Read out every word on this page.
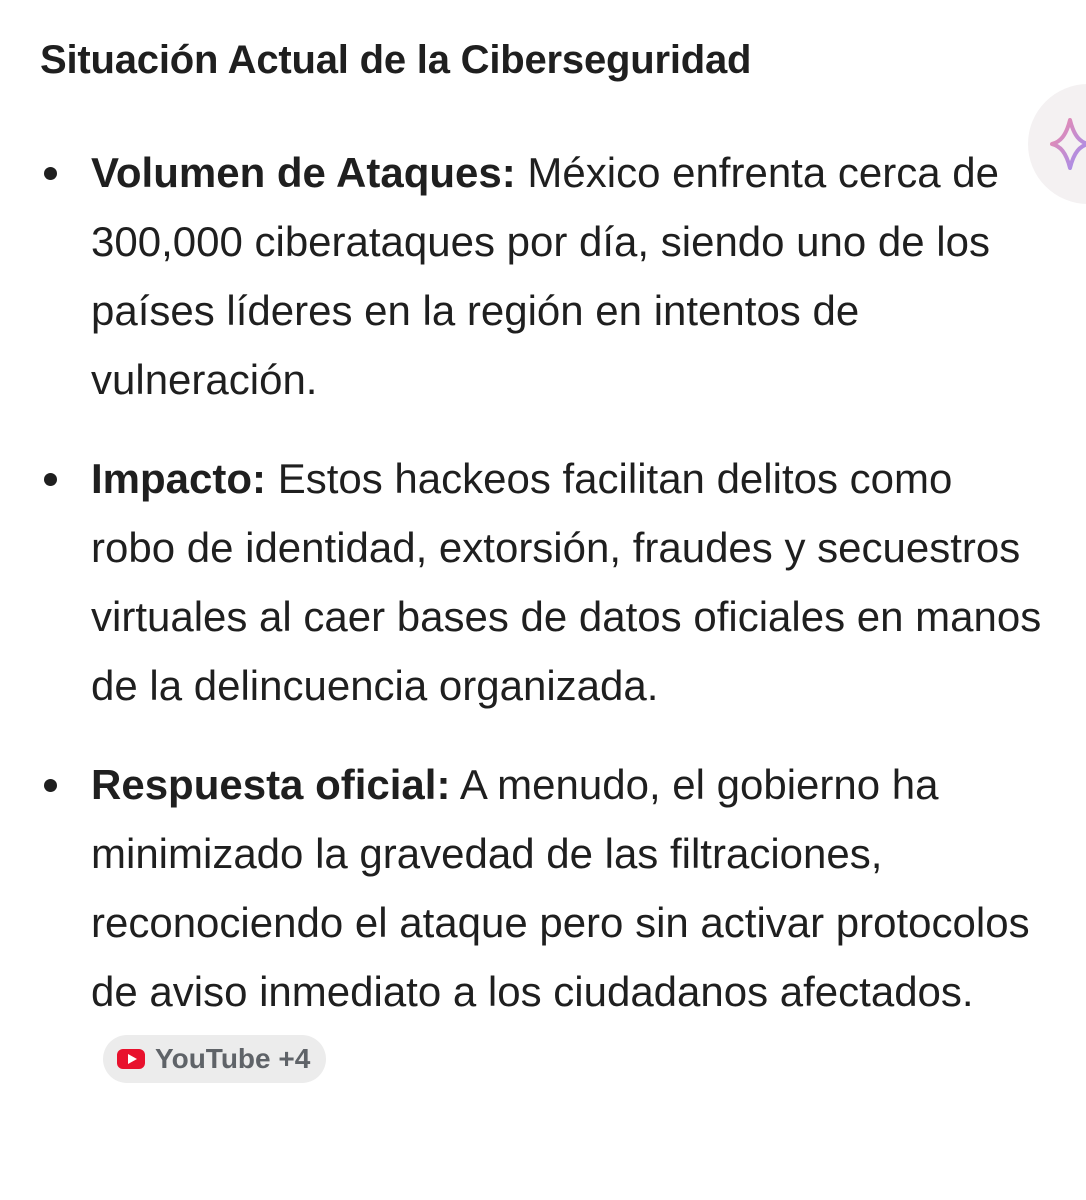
Situación Actual de la Ciberseguridad
Volumen de Ataques: México enfrenta cerca de 300,000 ciberataques por día, siendo uno de los países líderes en la región en intentos de vulneración.
Impacto: Estos hackeos facilitan delitos como robo de identidad, extorsión, fraudes y secuestros virtuales al caer bases de datos oficiales en manos de la delincuencia organizada.
Respuesta oficial: A menudo, el gobierno ha minimizado la gravedad de las filtraciones, reconociendo el ataque pero sin activar protocolos de aviso inmediato a los ciudadanos afectados.
YouTube +4
